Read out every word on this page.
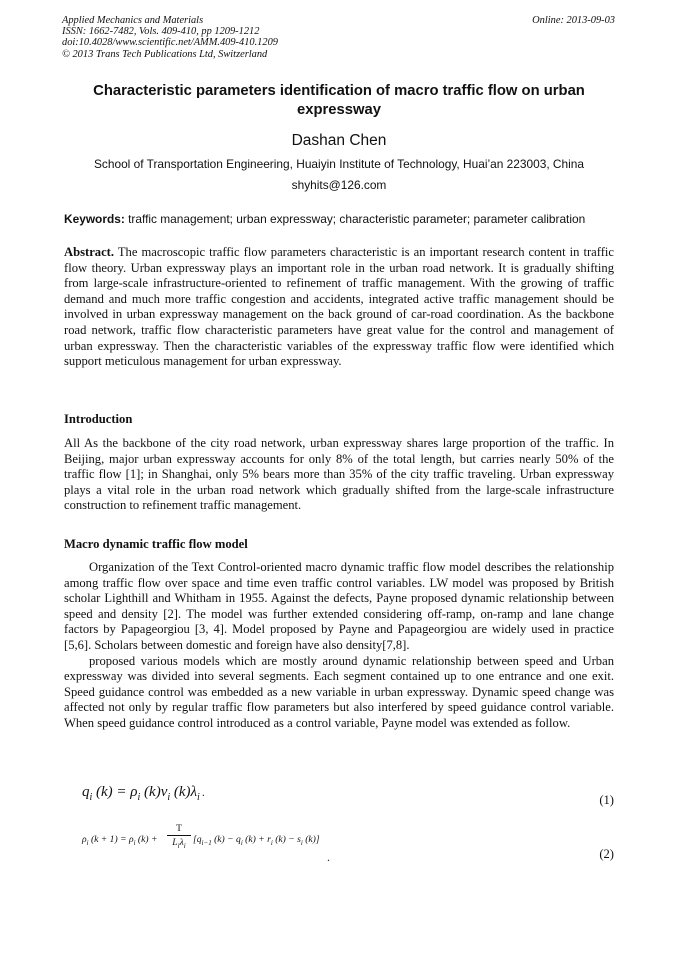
Applied Mechanics and Materials
ISSN: 1662-7482, Vols. 409-410, pp 1209-1212
doi:10.4028/www.scientific.net/AMM.409-410.1209
© 2013 Trans Tech Publications Ltd, Switzerland
Online: 2013-09-03
Characteristic parameters identification of macro traffic flow on urban expressway
Dashan Chen
School of Transportation Engineering, Huaiyin Institute of Technology, Huai’an 223003, China
shyhits@126.com
Keywords: traffic management; urban expressway; characteristic parameter; parameter calibration
Abstract. The macroscopic traffic flow parameters characteristic is an important research content in traffic flow theory. Urban expressway plays an important role in the urban road network. It is gradually shifting from large-scale infrastructure-oriented to refinement of traffic management. With the growing of traffic demand and much more traffic congestion and accidents, integrated active traffic management should be involved in urban expressway management on the back ground of car-road coordination. As the backbone road network, traffic flow characteristic parameters have great value for the control and management of urban expressway. Then the characteristic variables of the expressway traffic flow were identified which support meticulous management for urban expressway.
Introduction
All As the backbone of the city road network, urban expressway shares large proportion of the traffic. In Beijing, major urban expressway accounts for only 8% of the total length, but carries nearly 50% of the traffic flow [1]; in Shanghai, only 5% bears more than 35% of the city traffic traveling. Urban expressway plays a vital role in the urban road network which gradually shifted from the large-scale infrastructure construction to refinement traffic management.
Macro dynamic traffic flow model

Organization of the Text Control-oriented macro dynamic traffic flow model describes the relationship among traffic flow over space and time even traffic control variables. LW model was proposed by British scholar Lighthill and Whitham in 1955. Against the defects, Payne proposed dynamic relationship between speed and density [2]. The model was further extended considering off-ramp, on-ramp and lane change factors by Papageorgiou [3, 4]. Model proposed by Payne and Papageorgiou are widely used in practice [5,6]. Scholars between domestic and foreign have also density[7,8].

proposed various models which are mostly around dynamic relationship between speed and Urban expressway was divided into several segments. Each segment contained up to one entrance and one exit. Speed guidance control was embedded as a new variable in urban expressway. Dynamic speed change was affected not only by regular traffic flow parameters but also interfered by speed guidance control variable. When speed guidance control introduced as a control variable, Payne model was extended as follow.

$q_i$ $(k) = \rho_i$ $(k)v_i$ $(k)\lambda_i$ .
(1)
$\rho_i$ $(k + 1) = \rho_i$ (k) +
T
$L_i\lambda_i$
[$q_{i-1}$ $(k) - q_i$ $(k) + r_i$ $(k) - s_i$ (k)]
.	(2)
